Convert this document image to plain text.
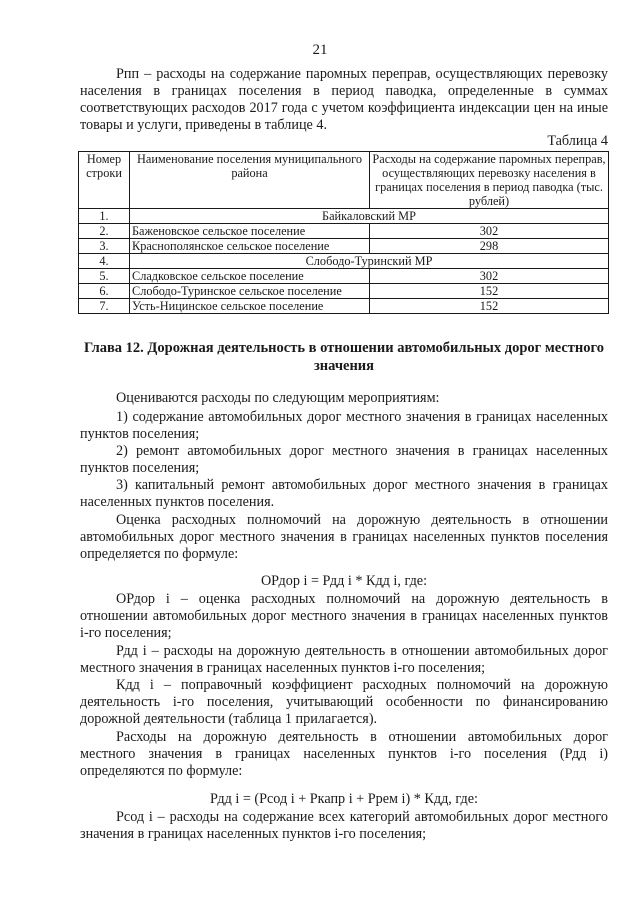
21

Рпп – расходы на содержание паромных переправ, осуществляющих перевозку населения в границах поселения в период паводка, определенные в суммах соответствующих расходов 2017 года с учетом коэффициента индексации цен на иные товары и услуги, приведены в таблице 4.

Таблица 4
Номер строки	Наименование поселения муниципального района	Расходы на содержание паромных переправ, осуществляющих перевозку населения в границах поселения в период паводка (тыс. рублей)
1.	Байкаловский МР	
2.	Баженовское сельское поселение	302
3.	Краснополянское сельское поселение	298
4.	Слободо-Туринский МР	
5.	Сладковское сельское поселение	302
6.	Слободо-Туринское сельское поселение	152
7.	Усть-Ницинское сельское поселение	152
Глава 12. Дорожная деятельность в отношении автомобильных дорог местного значения

Оцениваются расходы по следующим мероприятиям:

1) содержание автомобильных дорог местного значения в границах населенных пунктов поселения;

2) ремонт автомобильных дорог местного значения в границах населенных пунктов поселения;

3) капитальный ремонт автомобильных дорог местного значения в границах населенных пунктов поселения.

Оценка расходных полномочий на дорожную деятельность в отношении автомобильных дорог местного значения в границах населенных пунктов поселения определяется по формуле:

ОРдор i = Рдд i * Кдд i, где:

ОРдор i – оценка расходных полномочий на дорожную деятельность в отношении автомобильных дорог местного значения в границах населенных пунктов i-го поселения;

Рдд i – расходы на дорожную деятельность в отношении автомобильных дорог местного значения в границах населенных пунктов i-го поселения;

Кдд i – поправочный коэффициент расходных полномочий на дорожную деятельность i-го поселения, учитывающий особенности по финансированию дорожной деятельности (таблица 1 прилагается).

Расходы на дорожную деятельность в отношении автомобильных дорог местного значения в границах населенных пунктов i-го поселения (Рдд i) определяются по формуле:

Рдд i = (Рсод i + Ркапр i + Ррем i) * Кдд, где:

Рсод i – расходы на содержание всех категорий автомобильных дорог местного значения в границах населенных пунктов i-го поселения;
